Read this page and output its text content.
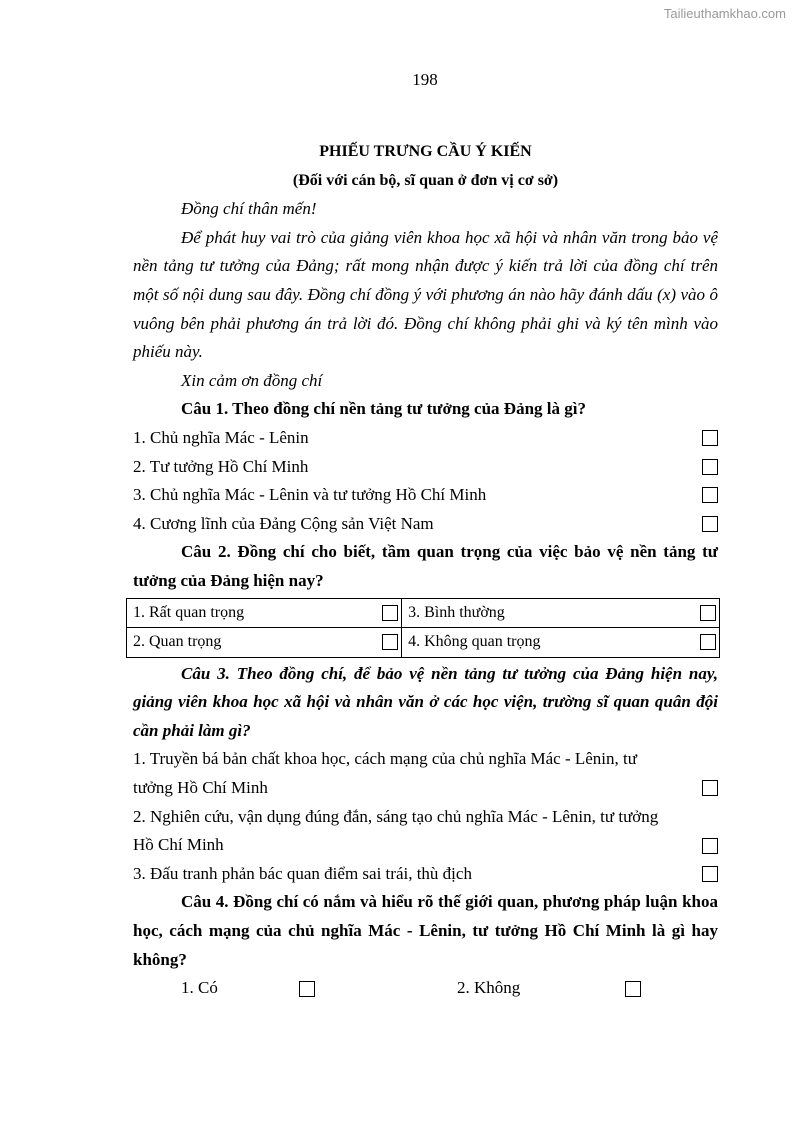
Tailieuthamkhao.com
198

PHIẾU TRƯNG CẦU Ý KIẾN

(Đối với cán bộ, sĩ quan ở đơn vị cơ sở)

Đồng chí thân mến!

Để phát huy vai trò của giảng viên khoa học xã hội và nhân văn trong bảo vệ nền tảng tư tưởng của Đảng; rất mong nhận được ý kiến trả lời của đồng chí trên một số nội dung sau đây. Đồng chí đồng ý với phương án nào hãy đánh dấu (x) vào ô vuông bên phải phương án trả lời đó. Đồng chí không phải ghi và ký tên mình vào phiếu này.

Xin cảm ơn đồng chí

Câu 1. Theo đồng chí nền tảng tư tưởng của Đảng là gì?

1. Chủ nghĩa Mác - Lênin
2. Tư tưởng Hồ Chí Minh
3. Chủ nghĩa Mác - Lênin và tư tưởng Hồ Chí Minh
4. Cương lĩnh của Đảng Cộng sản Việt Nam

Câu 2. Đồng chí cho biết, tầm quan trọng của việc bảo vệ nền tảng tư tưởng của Đảng hiện nay?

1. Rất quan trọng	3. Bình thường

2. Quan trọng	4. Không quan trọng

Câu 3. Theo đồng chí, để bảo vệ nền tảng tư tưởng của Đảng hiện nay, giảng viên khoa học xã hội và nhân văn ở các học viện, trường sĩ quan quân đội cần phải làm gì?

1. Truyền bá bản chất khoa học, cách mạng của chủ nghĩa Mác - Lênin, tư

tưởng Hồ Chí Minh

2. Nghiên cứu, vận dụng đúng đắn, sáng tạo chủ nghĩa Mác - Lênin, tư tưởng

Hồ Chí Minh
3. Đấu tranh phản bác quan điểm sai trái, thù địch

Câu 4. Đồng chí có nắm và hiểu rõ thế giới quan, phương pháp luận khoa học, cách mạng của chủ nghĩa Mác - Lênin, tư tưởng Hồ Chí Minh là gì hay không?

1. Có	2. Không
